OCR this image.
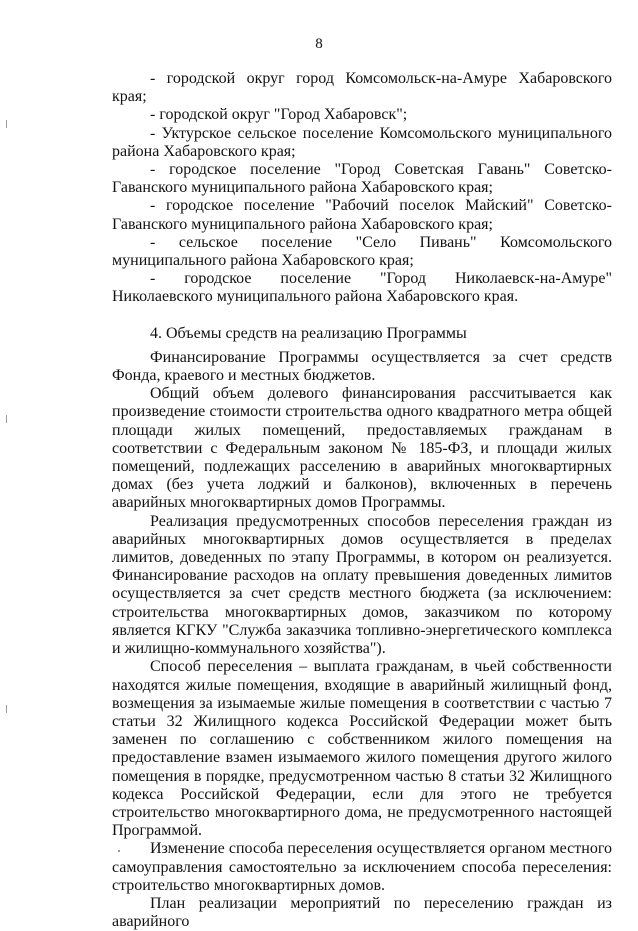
8

- городской округ город Комсомольск-на-Амуре Хабаровского края;

- городской округ "Город Хабаровск";

- Уктурское сельское поселение Комсомольского муниципального района Хабаровского края;

- городское поселение "Город Советская Гавань" Советско-Гаванского муниципального района Хабаровского края;

- городское поселение "Рабочий поселок Майский" Советско-Гаванского муниципального района Хабаровского края;

- сельское поселение "Село Пивань" Комсомольского муниципального района Хабаровского края;

- городское поселение "Город Николаевск-на-Амуре" Николаевского муниципального района Хабаровского края.

4. Объемы средств на реализацию Программы

Финансирование Программы осуществляется за счет средств Фонда, краевого и местных бюджетов.

Общий объем долевого финансирования рассчитывается как произведение стоимости строительства одного квадратного метра общей площади жилых помещений, предоставляемых гражданам в соответствии с Федеральным законом № 185-ФЗ, и площади жилых помещений, подлежащих расселению в аварийных многоквартирных домах (без учета лоджий и балконов), включенных в перечень аварийных многоквартирных домов Программы.

Реализация предусмотренных способов переселения граждан из аварийных многоквартирных домов осуществляется в пределах лимитов, доведенных по этапу Программы, в котором он реализуется. Финансирование расходов на оплату превышения доведенных лимитов осуществляется за счет средств местного бюджета (за исключением: строительства многоквартирных домов, заказчиком по которому является КГКУ "Служба заказчика топливно-энергетического комплекса и жилищно-коммунального хозяйства").

Способ переселения – выплата гражданам, в чьей собственности находятся жилые помещения, входящие в аварийный жилищный фонд, возмещения за изымаемые жилые помещения в соответствии с частью 7 статьи 32 Жилищного кодекса Российской Федерации может быть заменен по соглашению с собственником жилого помещения на предоставление взамен изымаемого жилого помещения другого жилого помещения в порядке, предусмотренном частью 8 статьи 32 Жилищного кодекса Российской Федерации, если для этого не требуется строительство многоквартирного дома, не предусмотренного настоящей Программой.

Изменение способа переселения осуществляется органом местного самоуправления самостоятельно за исключением способа переселения: строительство многоквартирных домов.

План реализации мероприятий по переселению граждан из аварийного
